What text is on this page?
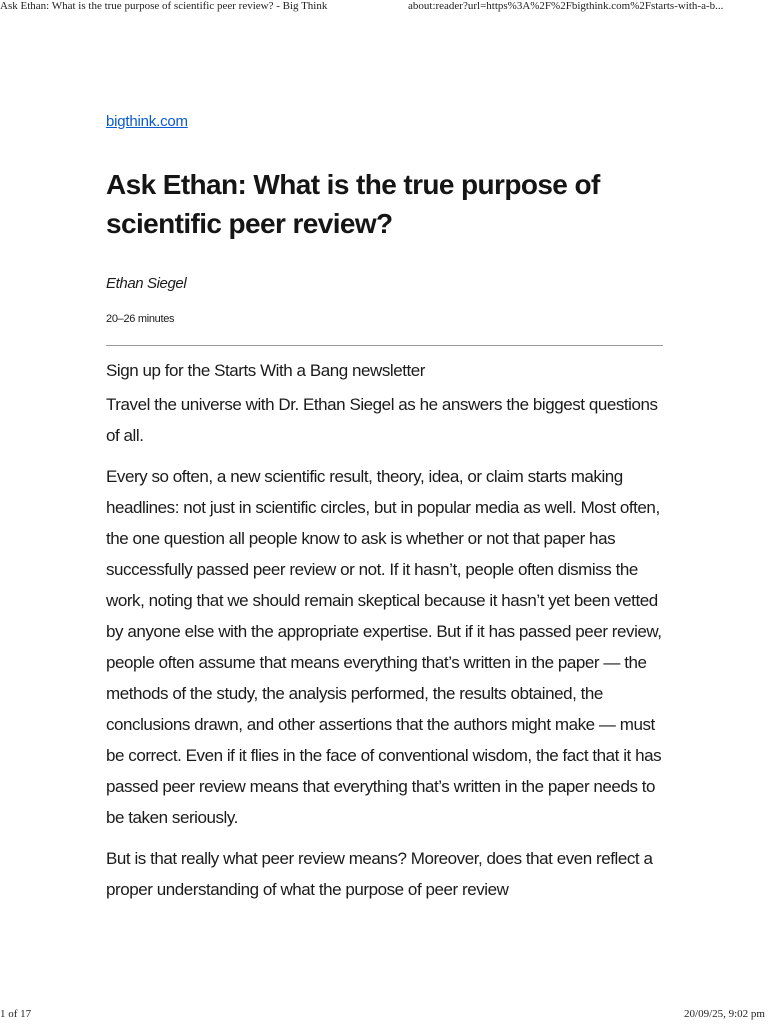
Ask Ethan: What is the true purpose of scientific peer review? - Big Think	about:reader?url=https%3A%2F%2Fbigthink.com%2Fstarts-with-a-b...
bigthink.com
Ask Ethan: What is the true purpose of scientific peer review?
Ethan Siegel
20–26 minutes

Sign up for the Starts With a Bang newsletter

Travel the universe with Dr. Ethan Siegel as he answers the biggest questions of all.

Every so often, a new scientific result, theory, idea, or claim starts making headlines: not just in scientific circles, but in popular media as well. Most often, the one question all people know to ask is whether or not that paper has successfully passed peer review or not. If it hasn’t, people often dismiss the work, noting that we should remain skeptical because it hasn’t yet been vetted by anyone else with the appropriate expertise. But if it has passed peer review, people often assume that means everything that’s written in the paper — the methods of the study, the analysis performed, the results obtained, the conclusions drawn, and other assertions that the authors might make — must be correct. Even if it flies in the face of conventional wisdom, the fact that it has passed peer review means that everything that’s written in the paper needs to be taken seriously.

But is that really what peer review means? Moreover, does that even reflect a proper understanding of what the purpose of peer review

1 of 17	20/09/25, 9:02 pm
